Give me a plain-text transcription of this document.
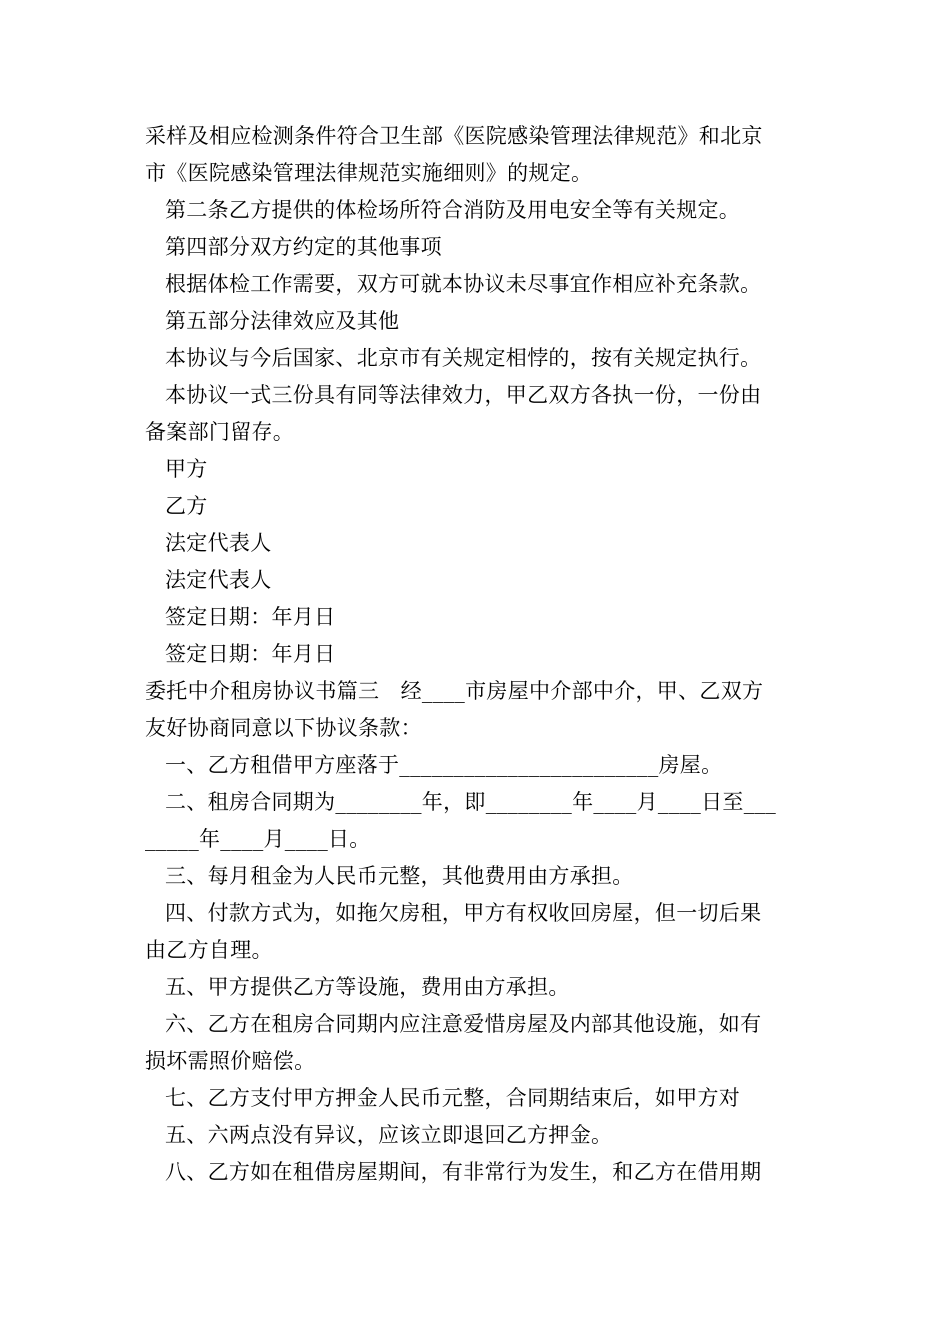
采样及相应检测条件符合卫生部《医院感染管理法律规范》和北京
市《医院感染管理法律规范实施细则》的规定。
第二条乙方提供的体检场所符合消防及用电安全等有关规定。
第四部分双方约定的其他事项
根据体检工作需要，双方可就本协议未尽事宜作相应补充条款。
第五部分法律效应及其他
本协议与今后国家、北京市有关规定相悖的，按有关规定执行。
本协议一式三份具有同等法律效力，甲乙双方各执一份，一份由
备案部门留存。
甲方
乙方
法定代表人
法定代表人
签定日期：年月日
签定日期：年月日
委托中介租房协议书篇三　经____市房屋中介部中介，甲、乙双方
友好协商同意以下协议条款：
一、乙方租借甲方座落于________________________房屋。
二、租房合同期为________年，即________年____月____日至___
_____年____月____日。
三、每月租金为人民币元整，其他费用由方承担。
四、付款方式为，如拖欠房租，甲方有权收回房屋，但一切后果
由乙方自理。
五、甲方提供乙方等设施，费用由方承担。
六、乙方在租房合同期内应注意爱惜房屋及内部其他设施，如有
损坏需照价赔偿。
七、乙方支付甲方押金人民币元整，合同期结束后，如甲方对
五、六两点没有异议，应该立即退回乙方押金。
八、乙方如在租借房屋期间，有非常行为发生，和乙方在借用期
